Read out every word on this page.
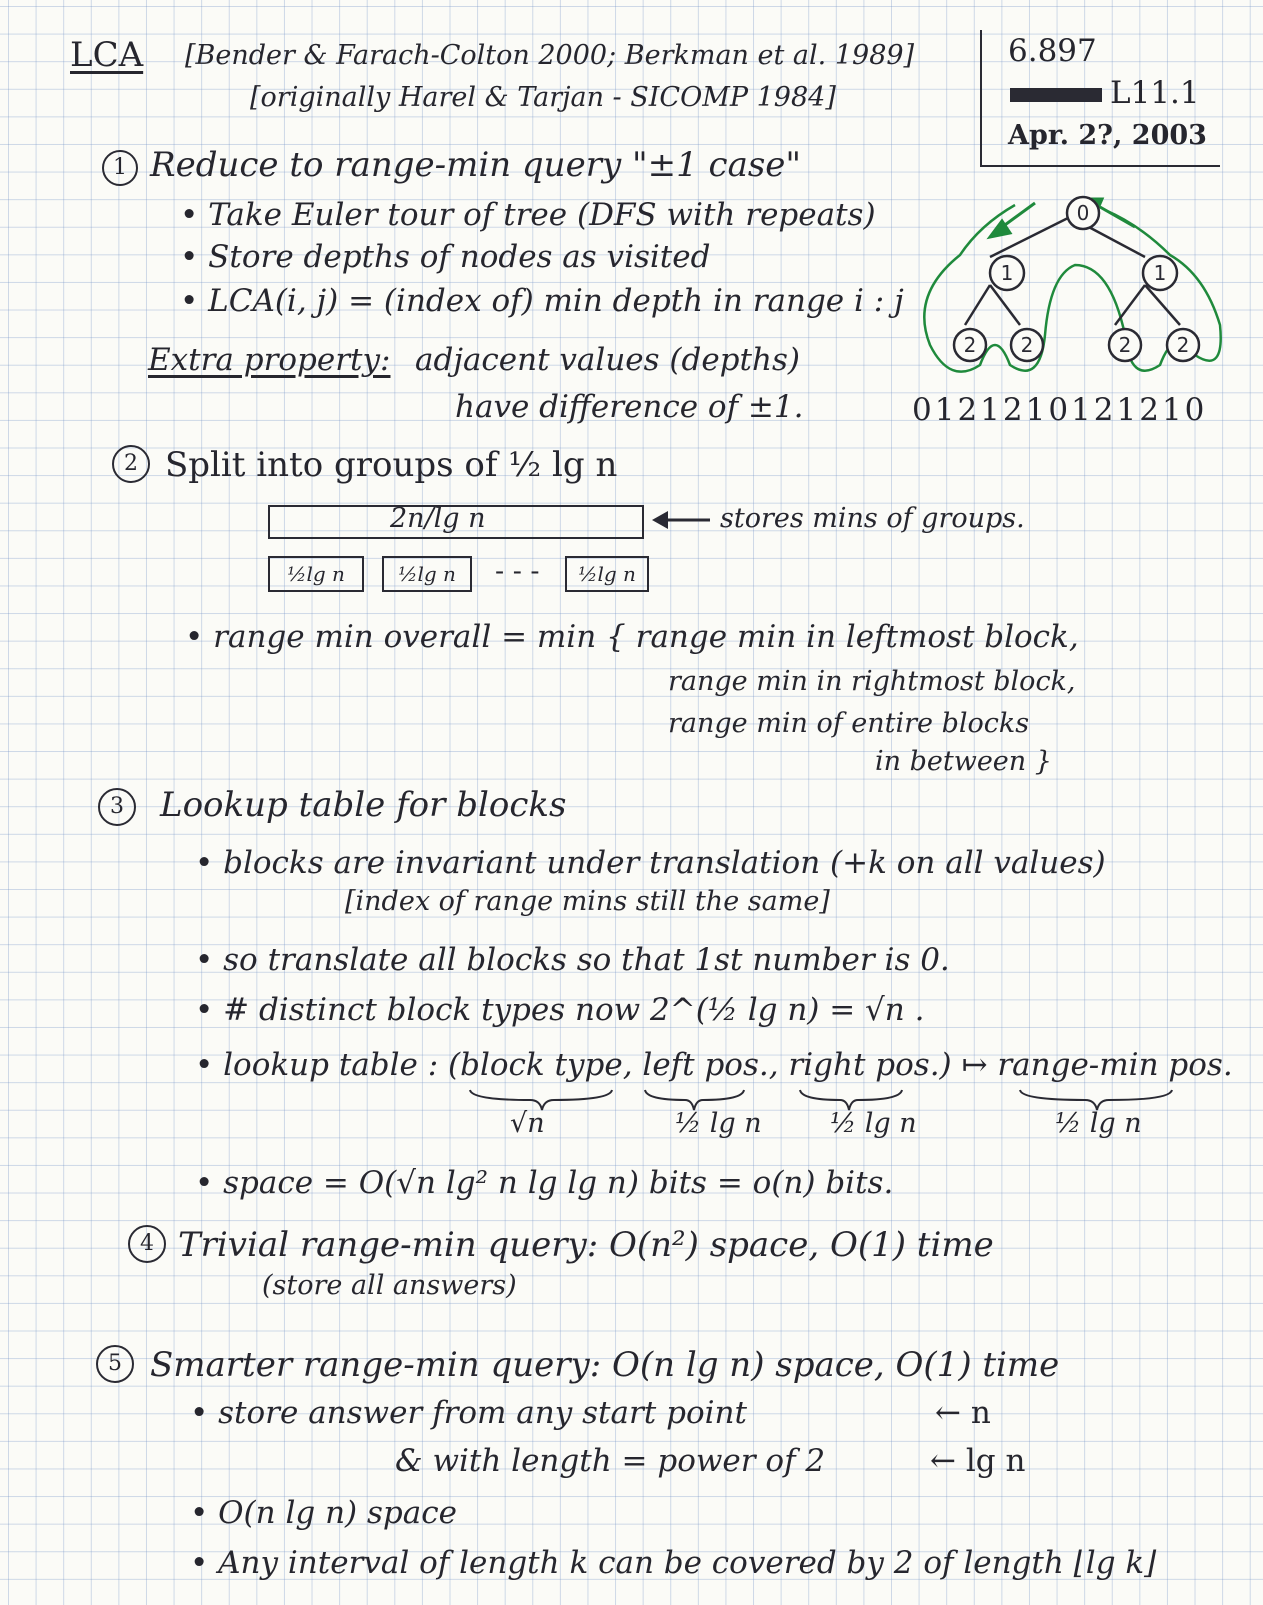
LCA [Bender & Farach-Colton 2000; Berkman et al. 1989]
[originally Harel & Tarjan - SICOMP 1984]
6.897
L11.1
Apr. 2?, 2003
0
1	1
2 2	2 2
0121210121210
1 Reduce to range-min query "±1 case"
• Take Euler tour of tree (DFS with repeats)
• Store depths of nodes as visited
• LCA(i, j) = (index of) min depth in range i : j
Extra property: adjacent values (depths)
have difference of ±1.
2 Split into groups of ½ lg n
2n/lg n	stores mins of groups.
½lg n	½lg n	- - -	½lg n
• range min overall = min { range min in leftmost block,
range min in rightmost block,
range min of entire blocks
in between }
3	Lookup table for blocks
• blocks are invariant under translation (+k on all values)
[index of range mins still the same]
• so translate all blocks so that 1st number is 0.
• # distinct block types now 2^(½ lg n) = √n .
• lookup table : (block type, left pos., right pos.) ↦ range-min pos.
√n	½ lg n	½ lg n	½ lg n
• space = O(√n lg² n lg lg n) bits = o(n) bits.
4 Trivial range-min query: O(n²) space, O(1) time
(store all answers)
5 Smarter range-min query: O(n lg n) space, O(1) time
• store answer from any start point	← n
& with length = power of 2	← lg n
• O(n lg n) space
• Any interval of length k can be covered by 2 of length ⌊lg k⌋
